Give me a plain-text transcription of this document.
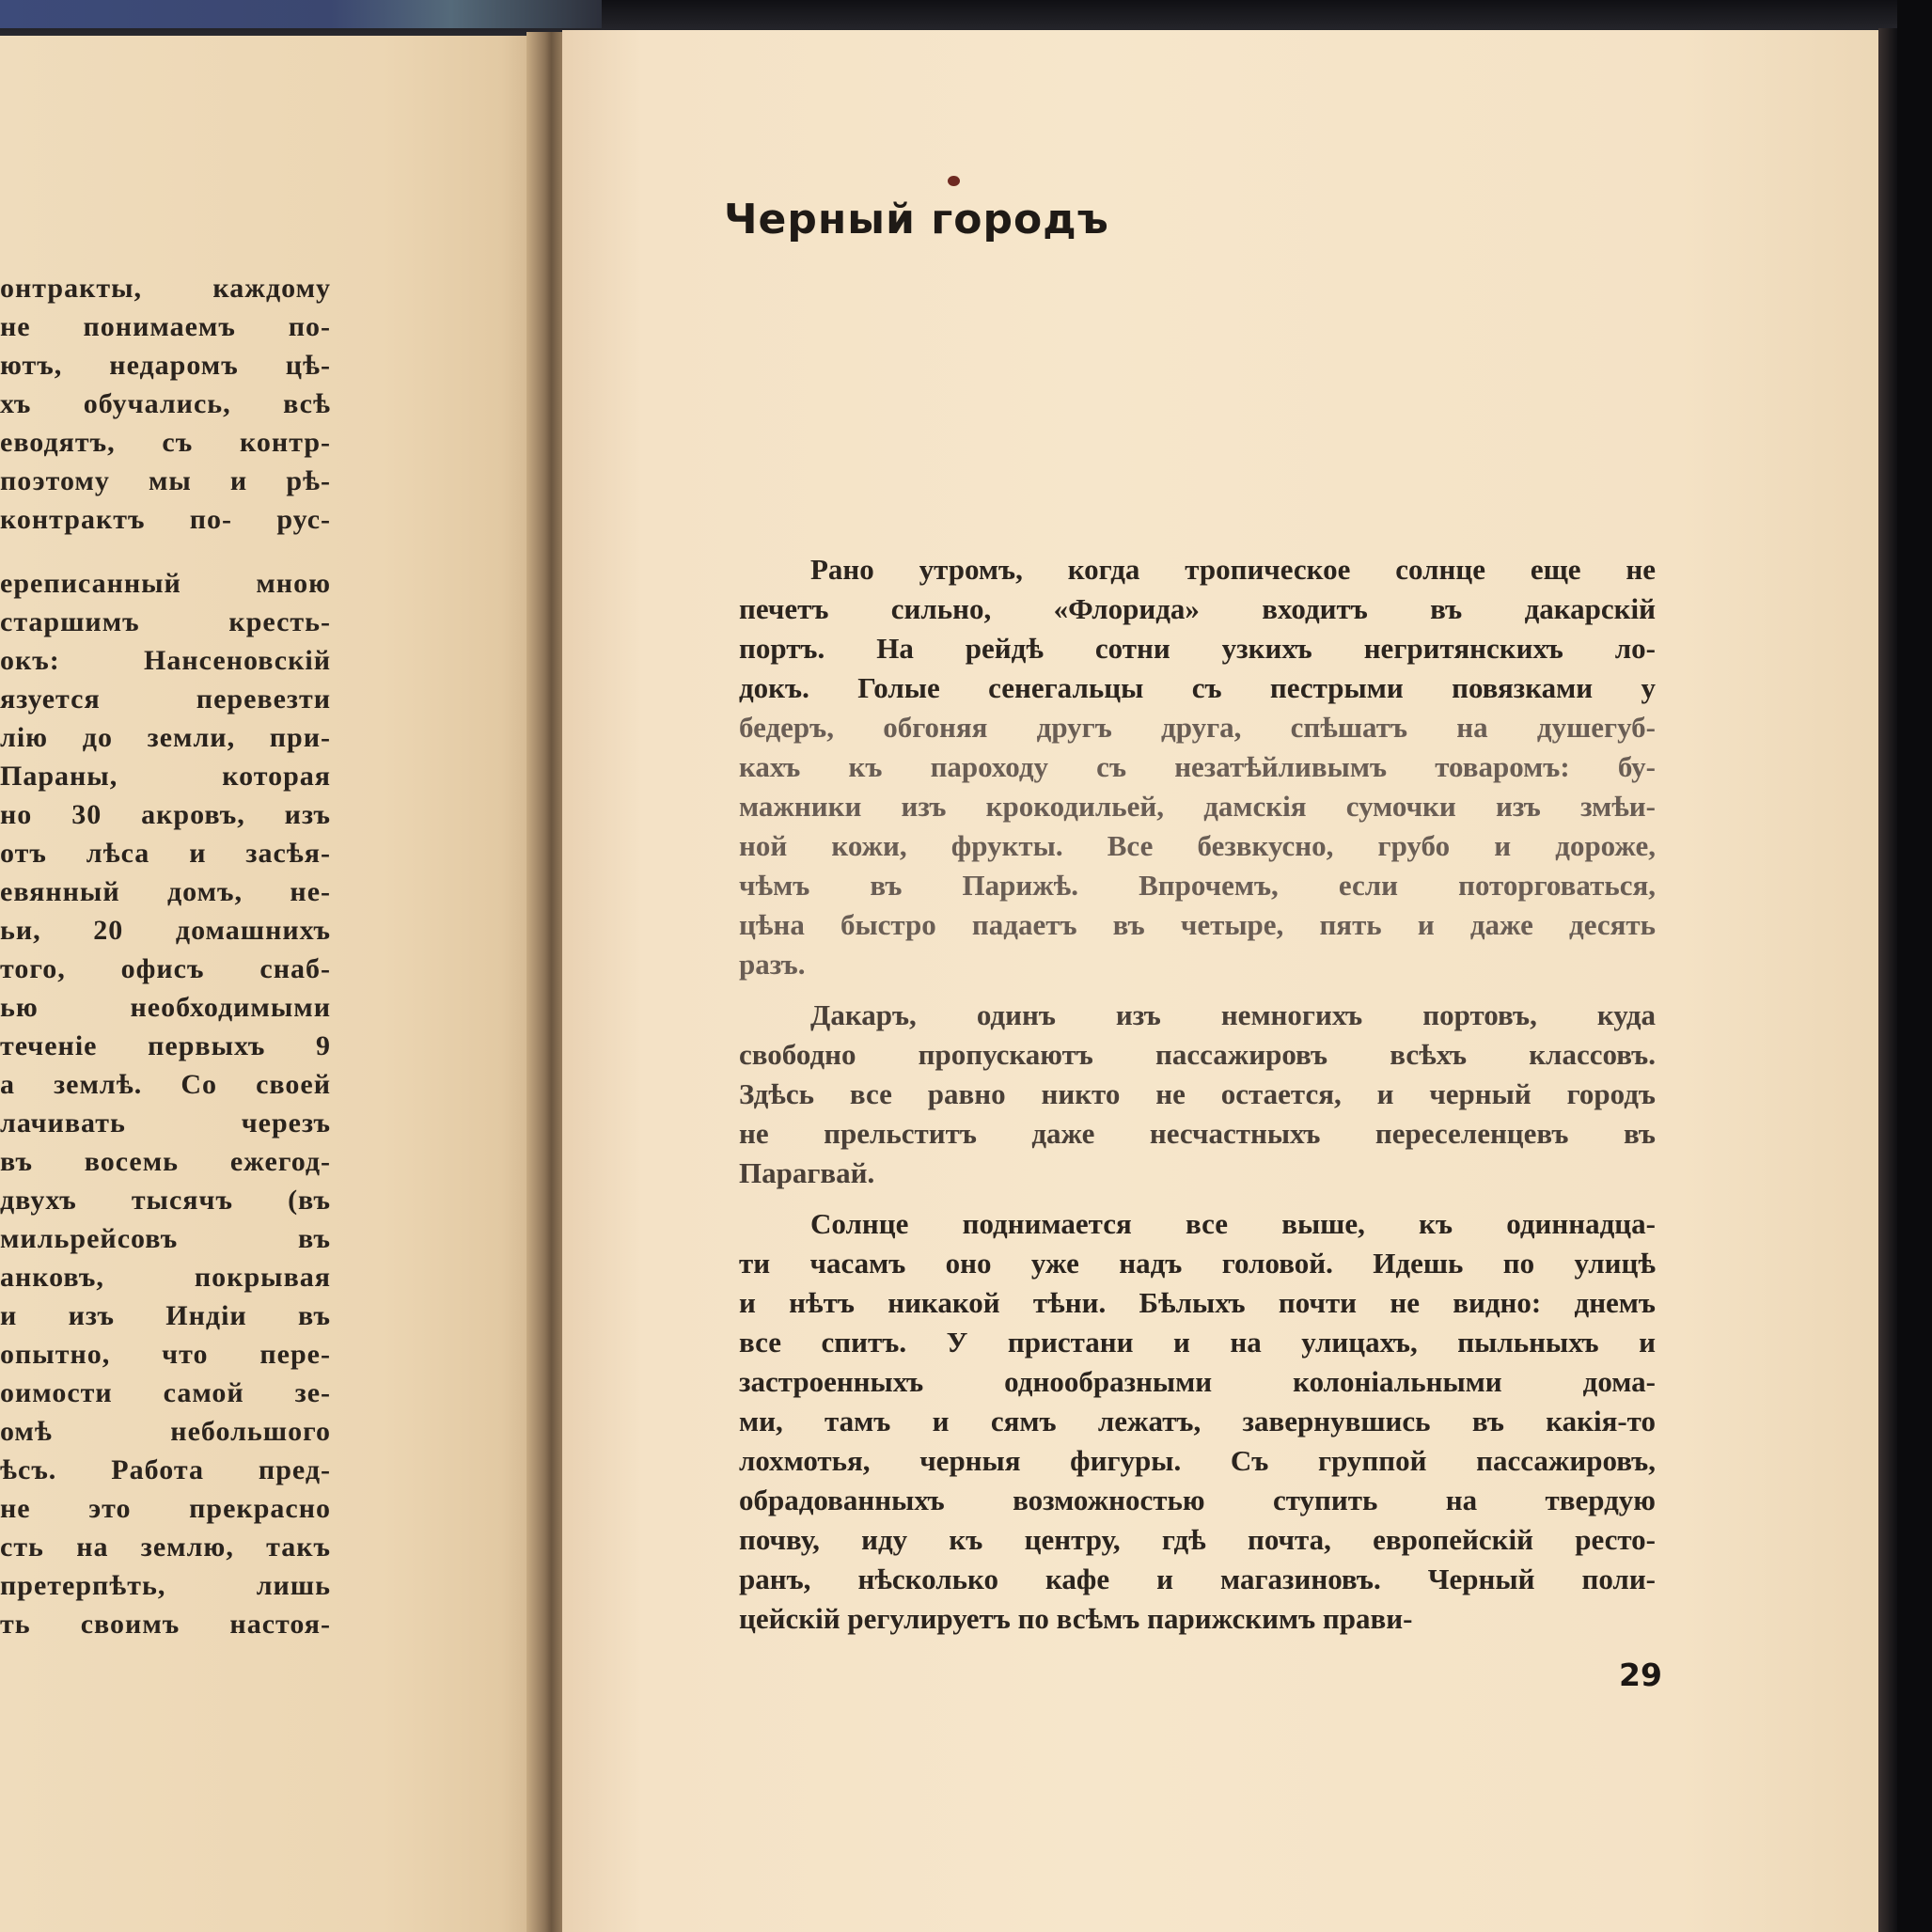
онтракты, каждому
не понимаемъ по-
ютъ, недаромъ цѣ-
хъ обучались, всѣ
еводятъ, съ контр-
поэтому мы и рѣ-
контрактъ по- рус-
ереписанный мною
старшимъ кресть-
окъ: Нансеновскій
язуется перевезти
лію до земли, при-
Параны, которая
но 30 акровъ, изъ
отъ лѣса и засѣя-
евянный домъ, не-
ьи, 20 домашнихъ
того, офисъ снаб-
ью необходимыми
теченіе первыхъ 9
а землѣ. Со своей
лачивать черезъ
въ восемь ежегод-
двухъ тысячъ (въ
мильрейсовъ въ
анковъ, покрывая
и изъ Индіи въ
опытно, что пере-
оимости самой зе-
омѣ небольшого
ѣсъ. Работа пред-
не это прекрасно
сть на землю, такъ
претерпѣть, лишь
ть своимъ настоя-
Черный городъ
Рано утромъ, когда тропическое солнце еще не
печетъ сильно, «Флорида» входитъ въ дакарскій
портъ. На рейдѣ сотни узкихъ негритянскихъ ло-
докъ. Голые сенегальцы съ пестрыми повязками у
бедеръ, обгоняя другъ друга, спѣшатъ на душегуб-
кахъ къ пароходу съ незатѣйливымъ товаромъ: бу-
мажники изъ крокодильей, дамскія сумочки изъ змѣи-
ной кожи, фрукты. Все безвкусно, грубо и дороже,
чѣмъ въ Парижѣ. Впрочемъ, если поторговаться,
цѣна быстро падаетъ въ четыре, пять и даже десять
разъ.
Дакаръ, одинъ изъ немногихъ портовъ, куда
свободно пропускаютъ пассажировъ всѣхъ классовъ.
Здѣсь все равно никто не остается, и черный городъ
не прельститъ даже несчастныхъ переселенцевъ въ
Парагвай.
Солнце поднимается все выше, къ одиннадца-
ти часамъ оно уже надъ головой. Идешь по улицѣ
и нѣтъ никакой тѣни. Бѣлыхъ почти не видно: днемъ
все спитъ. У пристани и на улицахъ, пыльныхъ и
застроенныхъ однообразными колоніальными дома-
ми, тамъ и сямъ лежатъ, завернувшись въ какія-то
лохмотья, черныя фигуры. Съ группой пассажировъ,
обрадованныхъ возможностью ступить на твердую
почву, иду къ центру, гдѣ почта, европейскій ресто-
ранъ, нѣсколько кафе и магазиновъ. Черный поли-
цейскій регулируетъ по всѣмъ парижскимъ прави-
29
